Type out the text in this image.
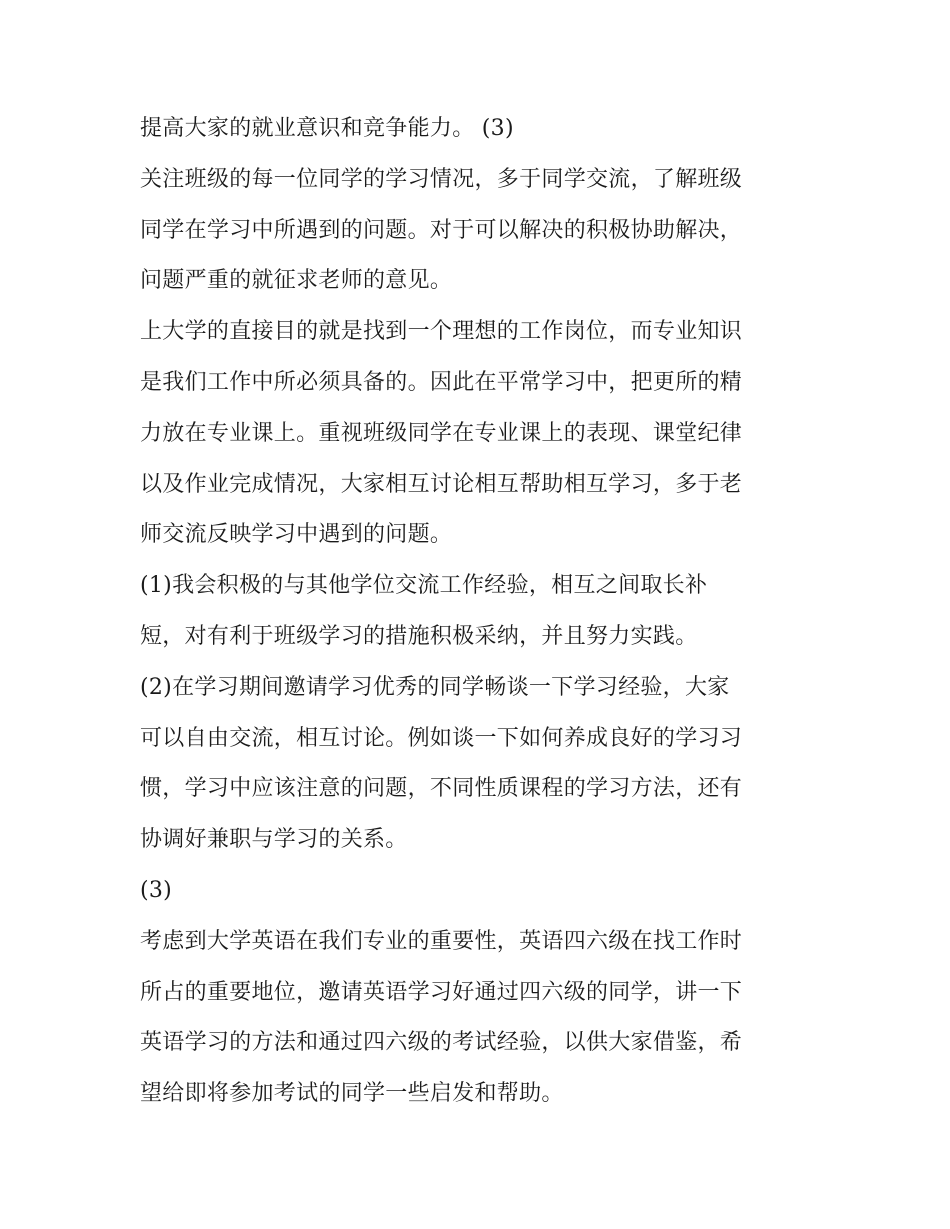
提高大家的就业意识和竞争能力。 (3)
关注班级的每一位同学的学习情况，多于同学交流，了解班级
同学在学习中所遇到的问题。对于可以解决的积极协助解决，
问题严重的就征求老师的意见。
上大学的直接目的就是找到一个理想的工作岗位，而专业知识
是我们工作中所必须具备的。因此在平常学习中，把更所的精
力放在专业课上。重视班级同学在专业课上的表现、课堂纪律
以及作业完成情况，大家相互讨论相互帮助相互学习，多于老
师交流反映学习中遇到的问题。
(1)我会积极的与其他学位交流工作经验，相互之间取长补
短，对有利于班级学习的措施积极采纳，并且努力实践。
(2)在学习期间邀请学习优秀的同学畅谈一下学习经验，大家
可以自由交流，相互讨论。例如谈一下如何养成良好的学习习
惯，学习中应该注意的问题，不同性质课程的学习方法，还有
协调好兼职与学习的关系。
(3)
考虑到大学英语在我们专业的重要性，英语四六级在找工作时
所占的重要地位，邀请英语学习好通过四六级的同学，讲一下
英语学习的方法和通过四六级的考试经验，以供大家借鉴，希
望给即将参加考试的同学一些启发和帮助。
